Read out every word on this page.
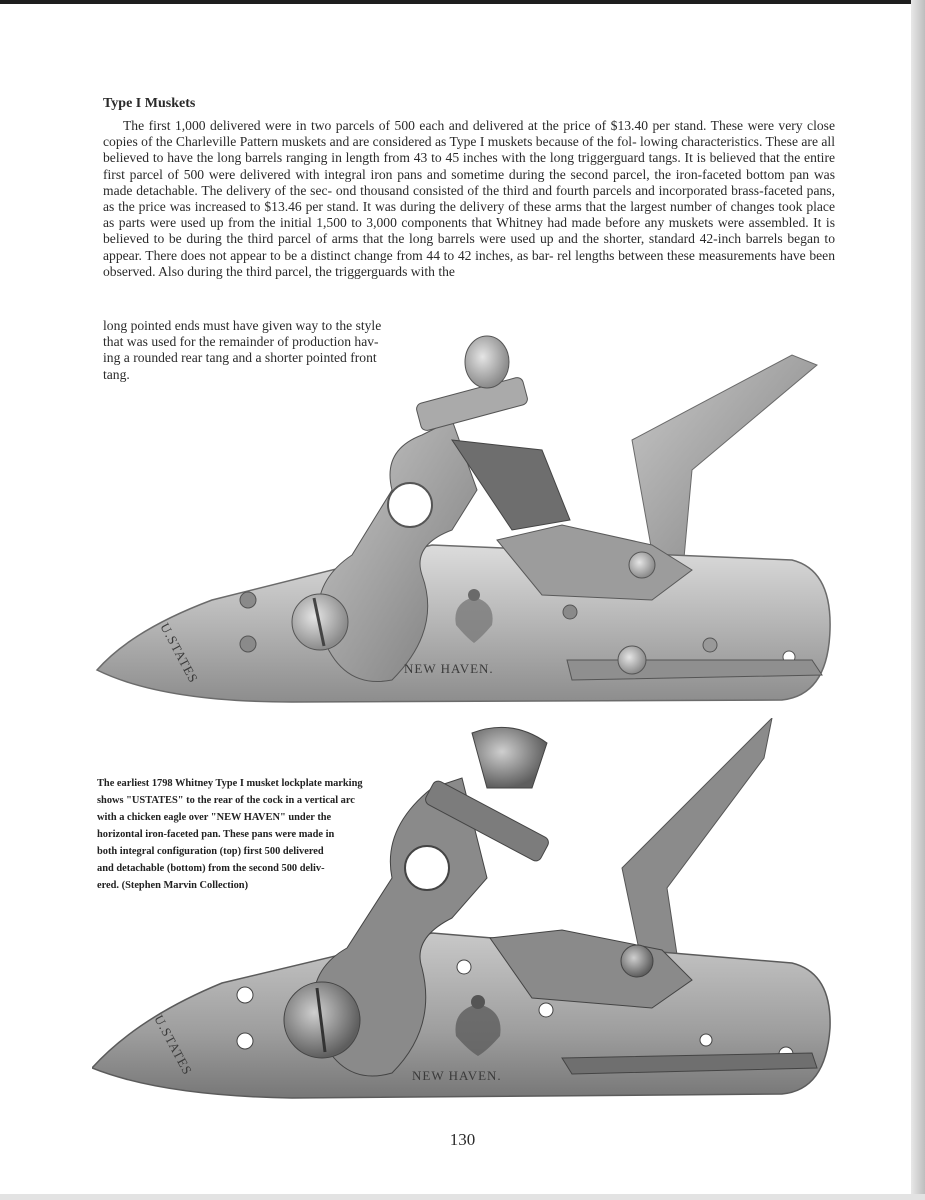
Type I Muskets

The first 1,000 delivered were in two parcels of 500 each and delivered at the price of $13.40 per stand. These were very close copies of the Charleville Pattern muskets and are considered as Type I muskets because of the fol- lowing characteristics. These are all believed to have the long barrels ranging in length from 43 to 45 inches with the long triggerguard tangs. It is believed that the entire first parcel of 500 were delivered with integral iron pans and sometime during the second parcel, the iron-faceted bottom pan was made detachable. The delivery of the sec- ond thousand consisted of the third and fourth parcels and incorporated brass-faceted pans, as the price was increased to $13.46 per stand. It was during the delivery of these arms that the largest number of changes took place as parts were used up from the initial 1,500 to 3,000 components that Whitney had made before any muskets were assembled. It is believed to be during the third parcel of arms that the long barrels were used up and the shorter, standard 42-inch barrels began to appear. There does not appear to be a distinct change from 44 to 42 inches, as bar- rel lengths between these measurements have been observed. Also during the third parcel, the triggerguards with the

long pointed ends must have given way to the style
that was used for the remainder of production hav-
ing a rounded rear tang and a shorter pointed front
tang.

U.STATES	NEW HAVEN.
U.STATES	NEW HAVEN.

The earliest 1798 Whitney Type I musket lockplate marking
shows "USTATES" to the rear of the cock in a vertical arc
with a chicken eagle over "NEW HAVEN" under the
horizontal iron-faceted pan. These pans were made in
both integral configuration (top) first 500 delivered
and detachable (bottom) from the second 500 deliv-
ered. (Stephen Marvin Collection)

130
